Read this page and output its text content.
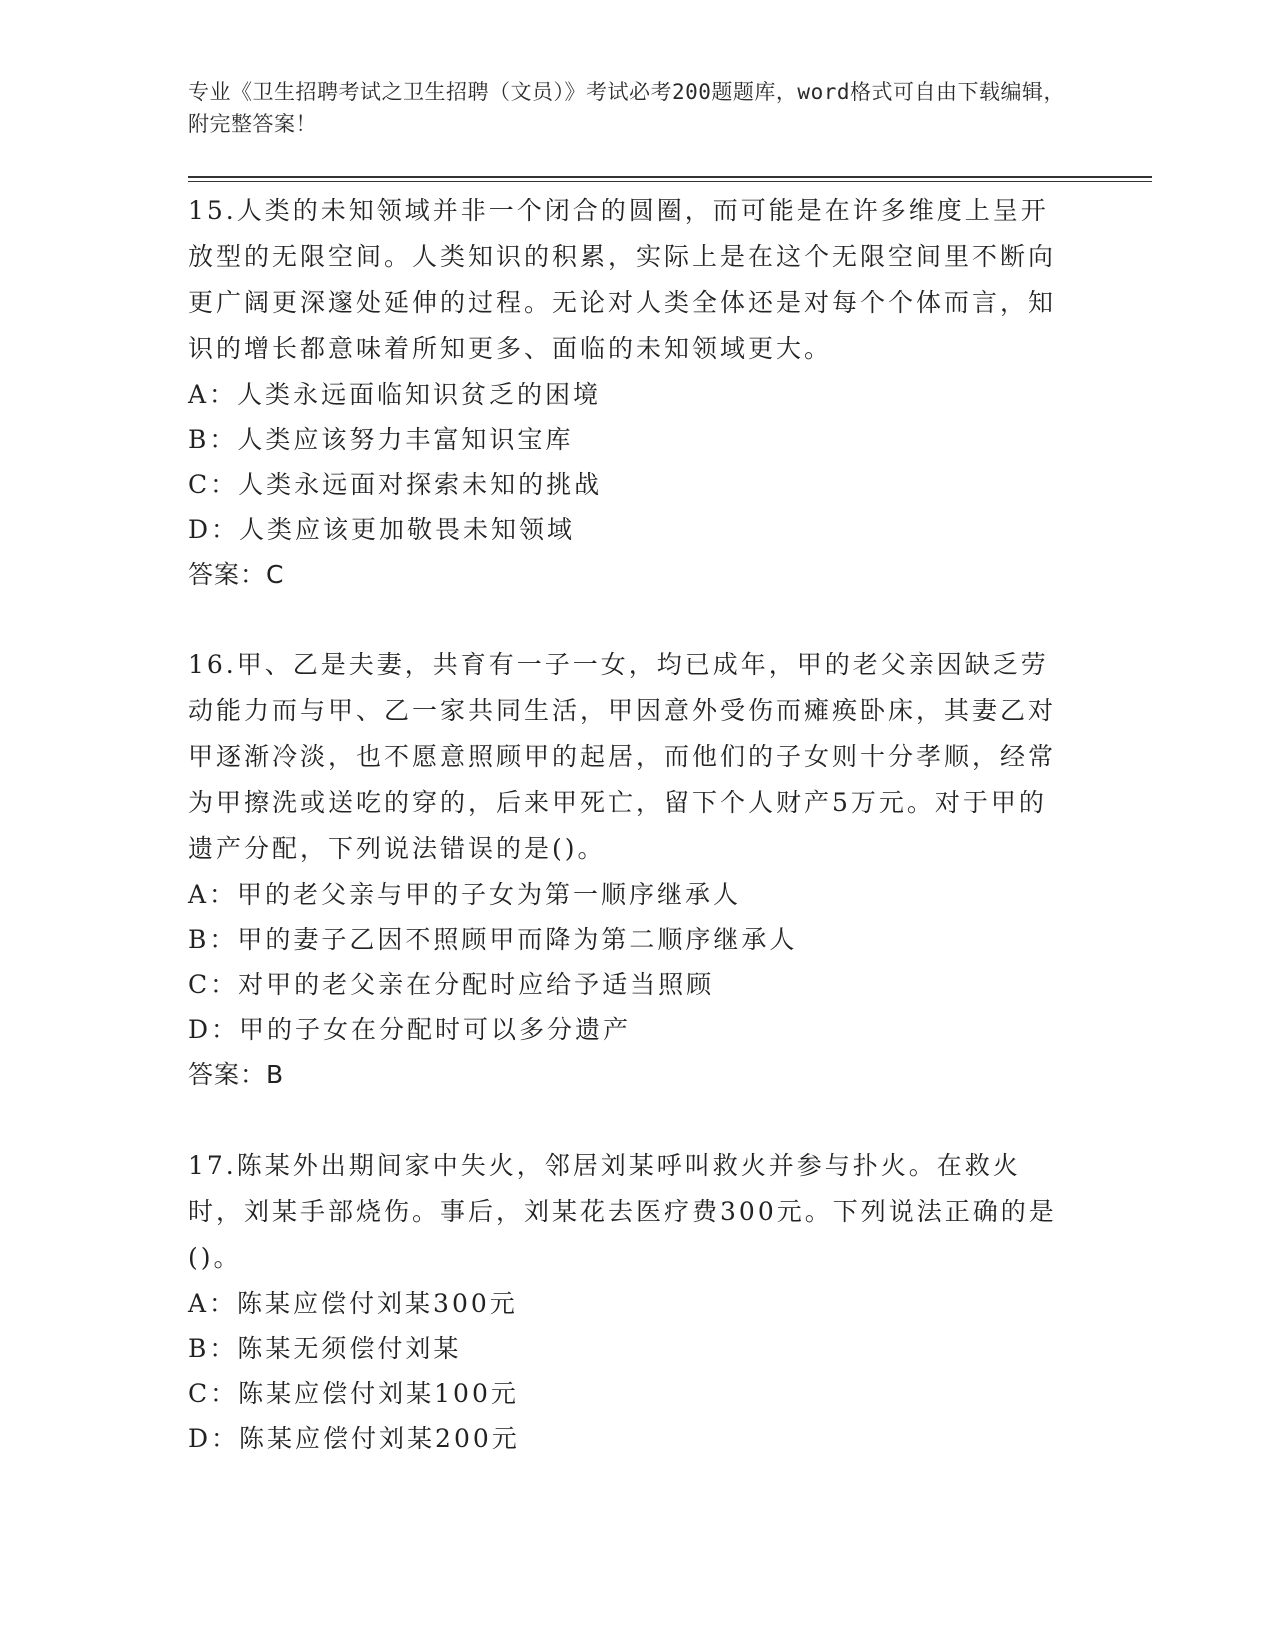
专业《卫生招聘考试之卫生招聘（文员）》考试必考200题题库，word格式可自由下载编辑，附完整答案！

15.人类的未知领域并非一个闭合的圆圈，而可能是在许多维度上呈开放型的无限空间。人类知识的积累，实际上是在这个无限空间里不断向更广阔更深邃处延伸的过程。无论对人类全体还是对每个个体而言，知识的增长都意味着所知更多、面临的未知领域更大。

A：人类永远面临知识贫乏的困境

B：人类应该努力丰富知识宝库

C：人类永远面对探索未知的挑战

D：人类应该更加敬畏未知领域

答案：C

16.甲、乙是夫妻，共育有一子一女，均已成年，甲的老父亲因缺乏劳动能力而与甲、乙一家共同生活，甲因意外受伤而瘫痪卧床，其妻乙对甲逐渐冷淡，也不愿意照顾甲的起居，而他们的子女则十分孝顺，经常为甲擦洗或送吃的穿的，后来甲死亡，留下个人财产5万元。对于甲的遗产分配，下列说法错误的是()。

A：甲的老父亲与甲的子女为第一顺序继承人

B：甲的妻子乙因不照顾甲而降为第二顺序继承人

C：对甲的老父亲在分配时应给予适当照顾

D：甲的子女在分配时可以多分遗产

答案：B

17.陈某外出期间家中失火，邻居刘某呼叫救火并参与扑火。在救火时，刘某手部烧伤。事后，刘某花去医疗费300元。下列说法正确的是()。

A：陈某应偿付刘某300元

B：陈某无须偿付刘某

C：陈某应偿付刘某100元

D：陈某应偿付刘某200元
